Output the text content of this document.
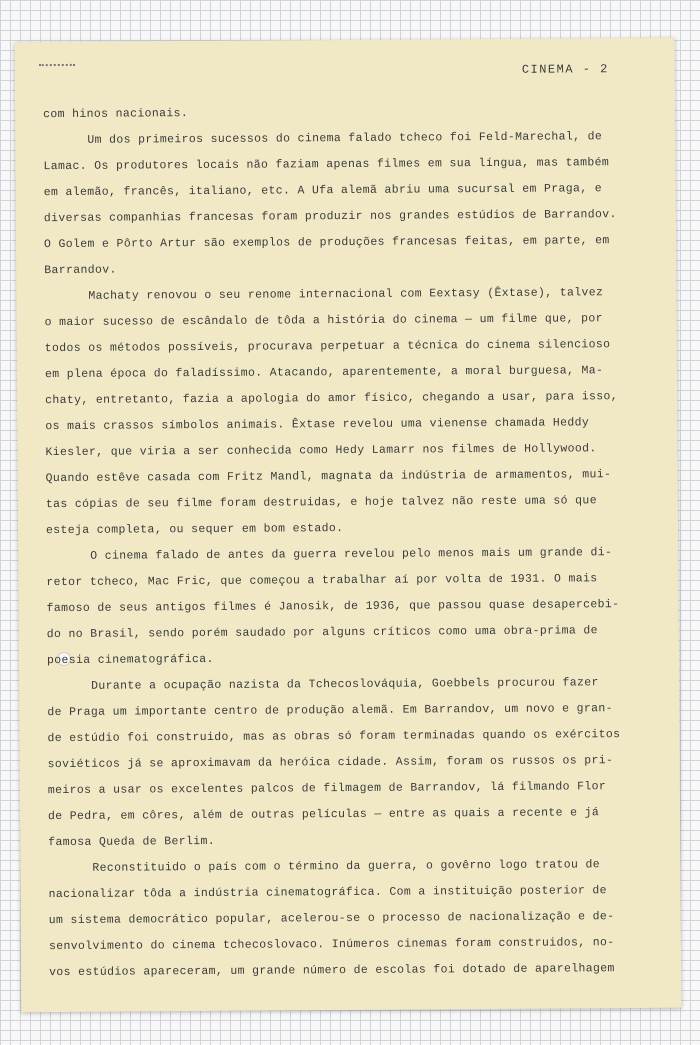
CINEMA - 2
com hinos nacionais.
Um dos primeiros sucessos do cinema falado tcheco foi Feld-Marechal, de
Lamac. Os produtores locais não faziam apenas filmes em sua língua, mas também
em alemão, francês, italiano, etc. A Ufa alemã abriu uma sucursal em Praga, e
diversas companhias francesas foram produzir nos grandes estúdios de Barrandov.
O Golem e Pôrto Artur são exemplos de produções francesas feitas, em parte, em
Barrandov.
Machaty renovou o seu renome internacional com Eextasy (Êxtase), talvez
o maior sucesso de escândalo de tôda a história do cinema — um filme que, por
todos os métodos possíveis, procurava perpetuar a técnica do cinema silencioso
em plena época do faladíssimo. Atacando, aparentemente, a moral burguesa, Ma-
chaty, entretanto, fazia a apologia do amor físico, chegando a usar, para isso,
os mais crassos símbolos animais. Êxtase revelou uma vienense chamada Heddy
Kiesler, que viria a ser conhecida como Hedy Lamarr nos filmes de Hollywood.
Quando estêve casada com Fritz Mandl, magnata da indústria de armamentos, mui-
tas cópias de seu filme foram destruidas, e hoje talvez não reste uma só que
esteja completa, ou sequer em bom estado.
O cinema falado de antes da guerra revelou pelo menos mais um grande di-
retor tcheco, Mac Fric, que começou a trabalhar aí por volta de 1931. O mais
famoso de seus antigos filmes é Janosik, de 1936, que passou quase desapercebi-
do no Brasil, sendo porém saudado por alguns críticos como uma obra-prima de
poesia cinematográfica.
Durante a ocupação nazista da Tchecoslováquia, Goebbels procurou fazer
de Praga um importante centro de produção alemã. Em Barrandov, um novo e gran-
de estúdio foi construido, mas as obras só foram terminadas quando os exércitos
soviéticos já se aproximavam da heróica cidade. Assim, foram os russos os pri-
meiros a usar os excelentes palcos de filmagem de Barrandov, lá filmando Flor
de Pedra, em côres, além de outras películas — entre as quais a recente e já
famosa Queda de Berlim.
Reconstituido o país com o término da guerra, o govêrno logo tratou de
nacionalizar tôda a indústria cinematográfica. Com a instituição posterior de
um sistema democrático popular, acelerou-se o processo de nacionalização e de-
senvolvimento do cinema tchecoslovaco. Inúmeros cinemas foram construidos, no-
vos estúdios apareceram, um grande número de escolas foi dotado de aparelhagem
